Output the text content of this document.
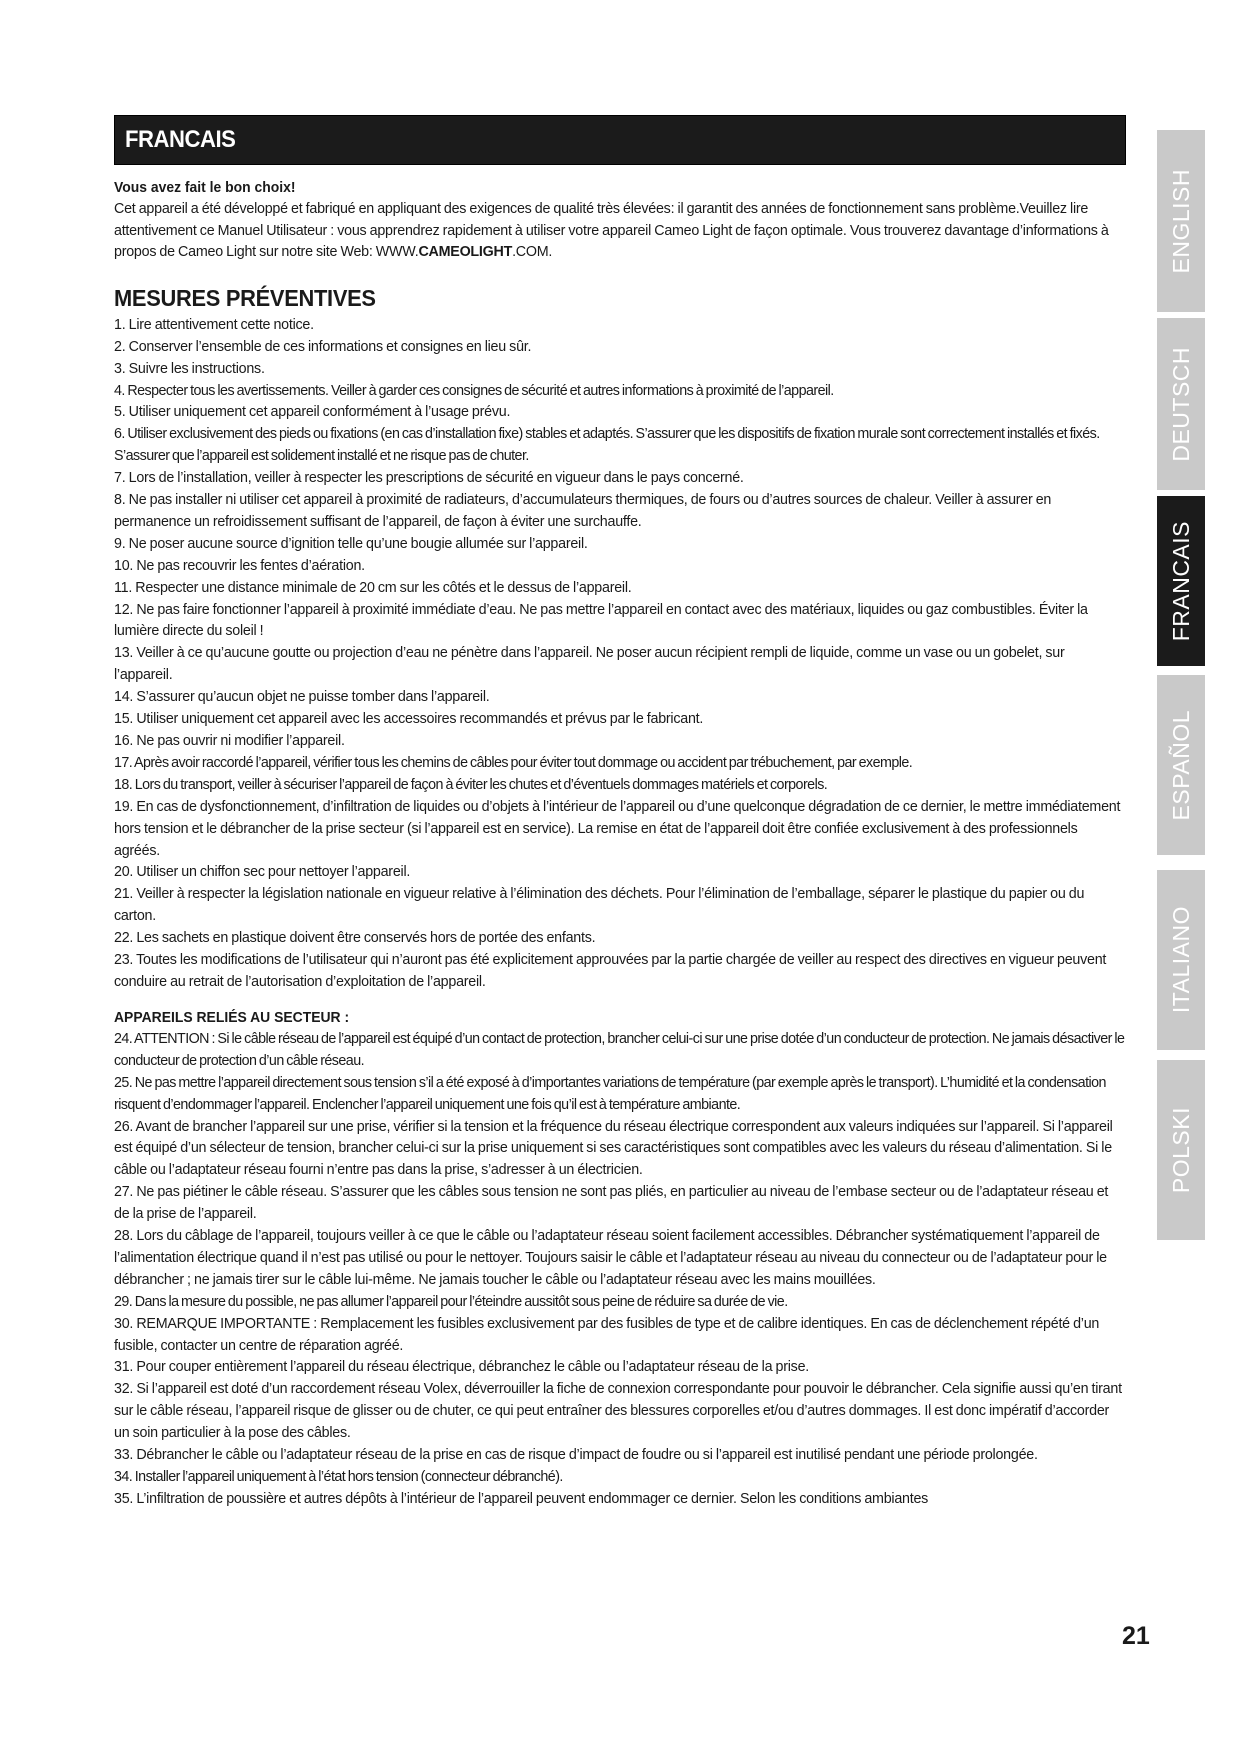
FRANCAIS

Vous avez fait le bon choix!

Cet appareil a été développé et fabriqué en appliquant des exigences de qualité très élevées: il garantit des années de fonctionnement sans problème.Veuillez lire attentivement ce Manuel Utilisateur : vous apprendrez rapidement à utiliser votre appareil Cameo Light de façon optimale. Vous trouverez davantage d’informations à propos de Cameo Light sur notre site Web: WWW.CAMEOLIGHT.COM.

MESURES PRÉVENTIVES
1. Lire attentivement cette notice.
2. Conserver l’ensemble de ces informations et consignes en lieu sûr.
3. Suivre les instructions.
4. Respecter tous les avertissements. Veiller à garder ces consignes de sécurité et autres informations à proximité de l’appareil.
5. Utiliser uniquement cet appareil conformément à l’usage prévu.
6. Utiliser exclusivement des pieds ou fixations (en cas d’installation fixe) stables et adaptés. S’assurer que les dispositifs de fixation murale sont correctement installés et fixés. S’assurer que l’appareil est solidement installé et ne risque pas de chuter.
7. Lors de l’installation, veiller à respecter les prescriptions de sécurité en vigueur dans le pays concerné.
8. Ne pas installer ni utiliser cet appareil à proximité de radiateurs, d’accumulateurs thermiques, de fours ou d’autres sources de chaleur. Veiller à assurer en permanence un refroidissement suffisant de l’appareil, de façon à éviter une surchauffe.
9. Ne poser aucune source d’ignition telle qu’une bougie allumée sur l’appareil.
10. Ne pas recouvrir les fentes d’aération.
11. Respecter une distance minimale de 20 cm sur les côtés et le dessus de l’appareil.
12. Ne pas faire fonctionner l’appareil à proximité immédiate d’eau. Ne pas mettre l’appareil en contact avec des matériaux, liquides ou gaz combustibles. Éviter la lumière directe du soleil !
13. Veiller à ce qu’aucune goutte ou projection d’eau ne pénètre dans l’appareil. Ne poser aucun récipient rempli de liquide, comme un vase ou un gobelet, sur l’appareil.
14. S’assurer qu’aucun objet ne puisse tomber dans l’appareil.
15. Utiliser uniquement cet appareil avec les accessoires recommandés et prévus par le fabricant.
16. Ne pas ouvrir ni modifier l’appareil.
17. Après avoir raccordé l’appareil, vérifier tous les chemins de câbles pour éviter tout dommage ou accident par trébuchement, par exemple.
18. Lors du transport, veiller à sécuriser l’appareil de façon à éviter les chutes et d’éventuels dommages matériels et corporels.
19. En cas de dysfonctionnement, d’infiltration de liquides ou d’objets à l’intérieur de l’appareil ou d’une quelconque dégradation de ce dernier, le mettre immédiatement hors tension et le débrancher de la prise secteur (si l’appareil est en service). La remise en état de l’appareil doit être confiée exclusivement à des professionnels agréés.
20. Utiliser un chiffon sec pour nettoyer l’appareil.
21. Veiller à respecter la législation nationale en vigueur relative à l’élimination des déchets. Pour l’élimination de l’emballage, séparer le plastique du papier ou du carton.
22. Les sachets en plastique doivent être conservés hors de portée des enfants.
23. Toutes les modifications de l’utilisateur qui n’auront pas été explicitement approuvées par la partie chargée de veiller au respect des directives en vigueur peuvent conduire au retrait de l’autorisation d’exploitation de l’appareil.
APPAREILS RELIÉS AU SECTEUR :
24. ATTENTION : Si le câble réseau de l’appareil est équipé d’un contact de protection, brancher celui-ci sur une prise dotée d’un conducteur de protection. Ne jamais désactiver le conducteur de protection d’un câble réseau.
25. Ne pas mettre l’appareil directement sous tension s’il a été exposé à d’importantes variations de température (par exemple après le transport). L’humidité et la condensation risquent d’endommager l’appareil. Enclencher l’appareil uniquement une fois qu’il est à température ambiante.
26. Avant de brancher l’appareil sur une prise, vérifier si la tension et la fréquence du réseau électrique correspondent aux valeurs indiquées sur l’appareil. Si l’appareil est équipé d’un sélecteur de tension, brancher celui-ci sur la prise uniquement si ses caractéristiques sont compatibles avec les valeurs du réseau d’alimentation. Si le câble ou l’adaptateur réseau fourni n’entre pas dans la prise, s’adresser à un électricien.
27. Ne pas piétiner le câble réseau. S’assurer que les câbles sous tension ne sont pas pliés, en particulier au niveau de l’embase secteur ou de l’adaptateur réseau et de la prise de l’appareil.
28. Lors du câblage de l’appareil, toujours veiller à ce que le câble ou l’adaptateur réseau soient facilement accessibles. Débrancher systématiquement l’appareil de l’alimentation électrique quand il n’est pas utilisé ou pour le nettoyer. Toujours saisir le câble et l’adaptateur réseau au niveau du connecteur ou de l’adaptateur pour le débrancher ; ne jamais tirer sur le câble lui-même. Ne jamais toucher le câble ou l’adaptateur réseau avec les mains mouillées.
29. Dans la mesure du possible, ne pas allumer l’appareil pour l’éteindre aussitôt sous peine de réduire sa durée de vie.
30. REMARQUE IMPORTANTE : Remplacement les fusibles exclusivement par des fusibles de type et de calibre identiques. En cas de déclenchement répété d’un fusible, contacter un centre de réparation agréé.
31. Pour couper entièrement l’appareil du réseau électrique, débranchez le câble ou l’adaptateur réseau de la prise.
32. Si l’appareil est doté d’un raccordement réseau Volex, déverrouiller la fiche de connexion correspondante pour pouvoir le débrancher. Cela signifie aussi qu’en tirant sur le câble réseau, l’appareil risque de glisser ou de chuter, ce qui peut entraîner des blessures corporelles et/ou d’autres dommages. Il est donc impératif d’accorder un soin particulier à la pose des câbles.
33. Débrancher le câble ou l’adaptateur réseau de la prise en cas de risque d’impact de foudre ou si l’appareil est inutilisé pendant une période prolongée.
34. Installer l’appareil uniquement à l’état hors tension (connecteur débranché).
35. L’infiltration de poussière et autres dépôts à l’intérieur de l’appareil peuvent endommager ce dernier. Selon les conditions ambiantes
ENGLISH
DEUTSCH
FRANCAIS
ESPAÑOL
ITALIANO
POLSKI
21
